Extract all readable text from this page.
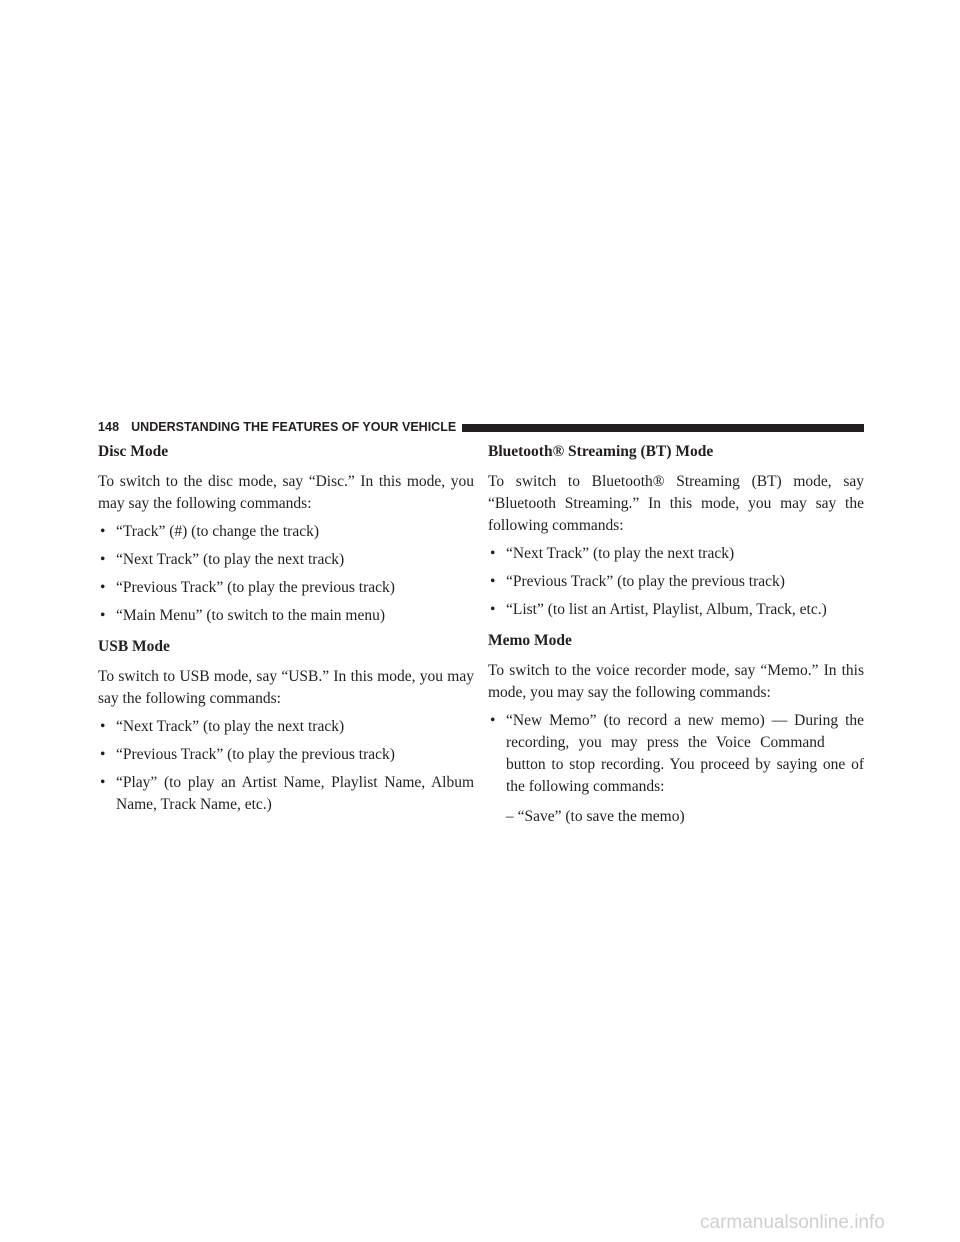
148 UNDERSTANDING THE FEATURES OF YOUR VEHICLE
Disc Mode

To switch to the disc mode, say “Disc.” In this mode, you may say the following commands:

• “Track” (#) (to change the track)
• “Next Track” (to play the next track)
• “Previous Track” (to play the previous track)
• “Main Menu” (to switch to the main menu)
USB Mode

To switch to USB mode, say “USB.” In this mode, you may say the following commands:

• “Next Track” (to play the next track)
• “Previous Track” (to play the previous track)
• “Play” (to play an Artist Name, Playlist Name, Album Name, Track Name, etc.)
Bluetooth® Streaming (BT) Mode

To switch to Bluetooth® Streaming (BT) mode, say “Bluetooth Streaming.” In this mode, you may say the following commands:

• “Next Track” (to play the next track)
• “Previous Track” (to play the previous track)
• “List” (to list an Artist, Playlist, Album, Track, etc.)
Memo Mode

To switch to the voice recorder mode, say “Memo.” In this mode, you may say the following commands:

• “New Memo” (to record a new memo) — During the recording, you may press the Voice Command button to stop recording. You proceed by saying one of the following commands:
– “Save” (to save the memo)
carmanualsonline.info
